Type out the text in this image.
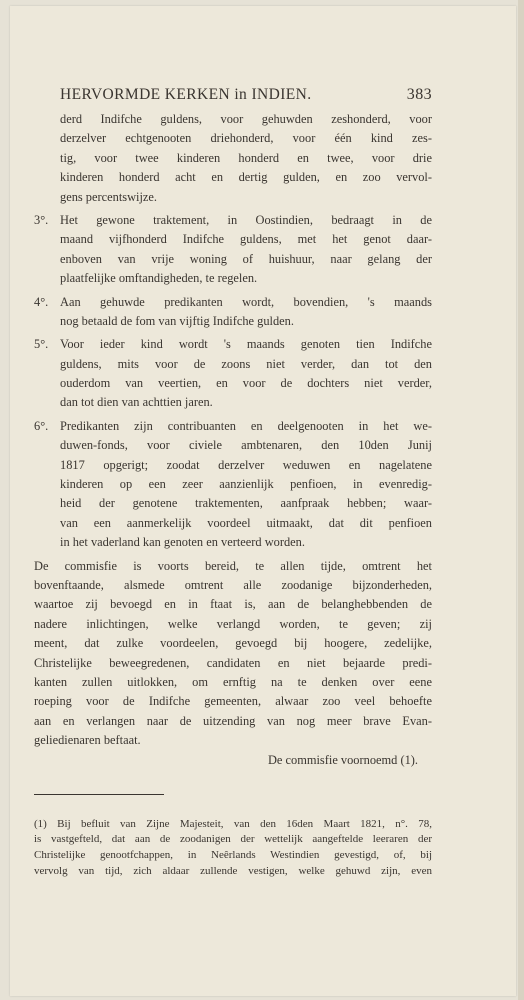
HERVORMDE KERKEN in INDIEN.	383
derd Indifche guldens, voor gehuwden zeshonderd, voor
derzelver echtgenooten driehonderd, voor één kind zes-
tig, voor twee kinderen honderd en twee, voor drie
kinderen honderd acht en dertig gulden, en zoo vervol-
gens percentswijze.
3°. Het gewone traktement, in Oostindien, bedraagt in de
maand vijfhonderd Indifche guldens, met het genot daar-
enboven van vrije woning of huishuur, naar gelang der
plaatfelijke omftandigheden, te regelen.
4°. Aan gehuwde predikanten wordt, bovendien, 's maands
nog betaald de fom van vijftig Indifche gulden.
5°. Voor ieder kind wordt 's maands genoten tien Indifche
guldens, mits voor de zoons niet verder, dan tot den
ouderdom van veertien, en voor de dochters niet verder,
dan tot dien van achttien jaren.
6°. Predikanten zijn contribuanten en deelgenooten in het we-
duwen-fonds, voor civiele ambtenaren, den 10den Junij
1817 opgerigt; zoodat derzelver weduwen en nagelatene
kinderen op een zeer aanzienlijk penfioen, in evenredig-
heid der genotene traktementen, aanfpraak hebben; waar-
van een aanmerkelijk voordeel uitmaakt, dat dit penfioen
in het vaderland kan genoten en verteerd worden.
De commisfie is voorts bereid, te allen tijde, omtrent het
bovenftaande, alsmede omtrent alle zoodanige bijzonderheden,
waartoe zij bevoegd en in ftaat is, aan de belanghebbenden de
nadere inlichtingen, welke verlangd worden, te geven; zij
meent, dat zulke voordeelen, gevoegd bij hoogere, zedelijke,
Christelijke beweegredenen, candidaten en niet bejaarde predi-
kanten zullen uitlokken, om ernftig na te denken over eene
roeping voor de Indifche gemeenten, alwaar zoo veel behoefte
aan en verlangen naar de uitzending van nog meer brave Evan-
geliedienaren beftaat.
De commisfie voornoemd (1).
(1) Bij befluit van Zijne Majesteit, van den 16den Maart 1821, n°. 78,
is vastgefteld, dat aan de zoodanigen der wettelijk aangeftelde leeraren der
Christelijke genootfchappen, in Neêrlands Westindien gevestigd, of, bij
vervolg van tijd, zich aldaar zullende vestigen, welke gehuwd zijn, even
